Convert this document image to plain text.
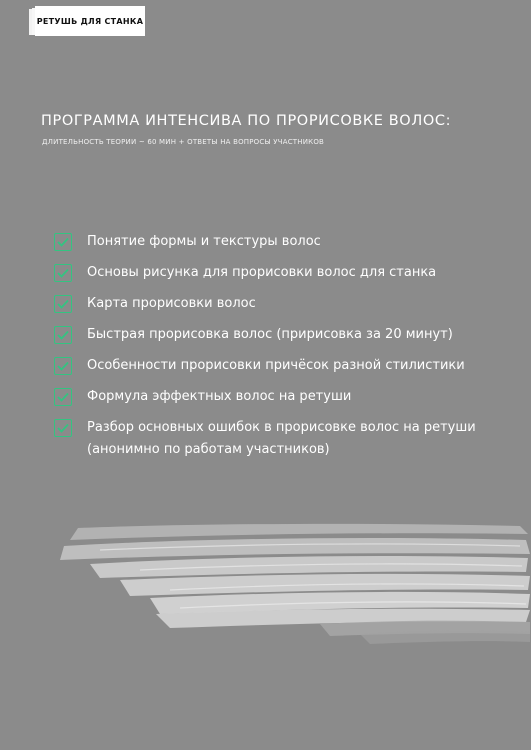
РЕТУШЬ ДЛЯ СТАНКА
ПРОГРАММА ИНТЕНСИВА ПО ПРОРИСОВКЕ ВОЛОС:

ДЛИТЕЛЬНОСТЬ ТЕОРИИ ~ 60 МИН + ОТВЕТЫ НА ВОПРОСЫ УЧАСТНИКОВ

Понятие формы и текстуры волос
Основы рисунка для прорисовки волос для станка
Карта прорисовки волос
Быстрая прорисовка волос (пририсовка за 20 минут)
Особенности прорисовки причёсок разной стилистики
Формула эффектных волос на ретуши
Разбор основных ошибок в прорисовке волос на ретуши (анонимно по работам участников)
